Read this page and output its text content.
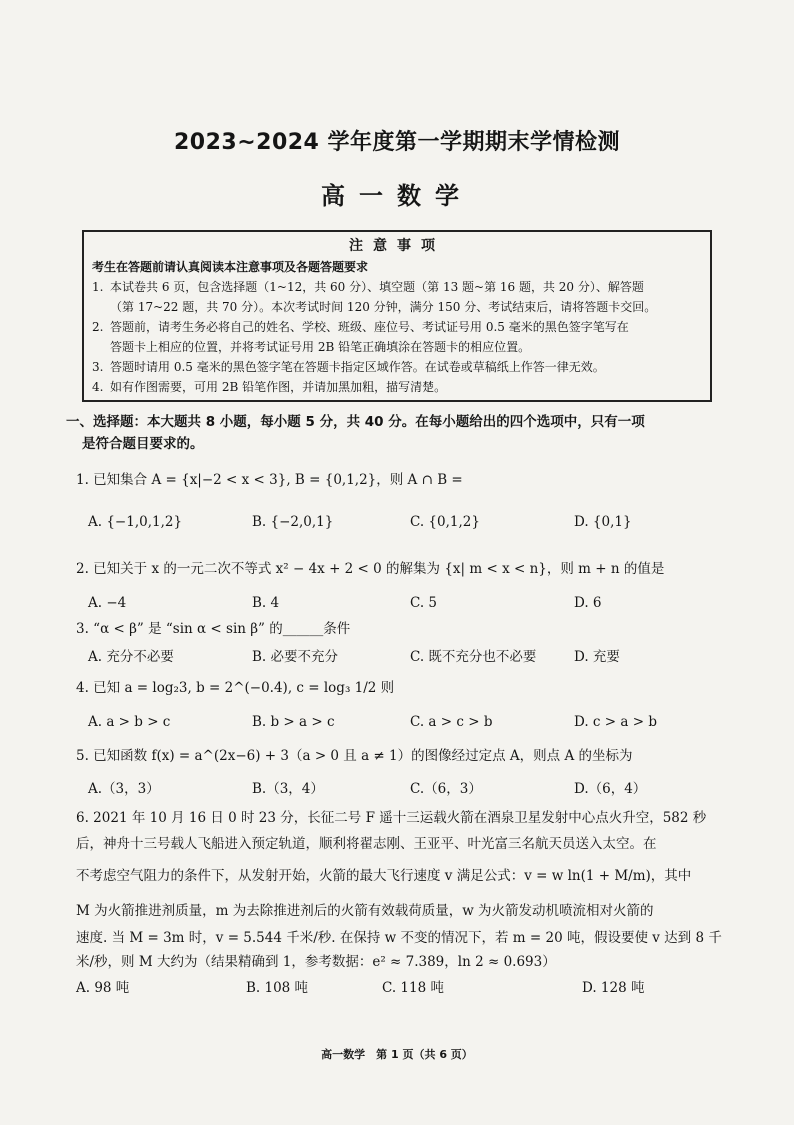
2023~2024 学年度第一学期期末学情检测
高一数学
注意事项
考生在答题前请认真阅读本注意事项及各题答题要求
1. 本试卷共 6 页，包含选择题（1~12，共 60 分）、填空题（第 13 题~第 16 题，共 20 分）、解答题
（第 17~22 题，共 70 分）。本次考试时间 120 分钟，满分 150 分、考试结束后，请将答题卡交回。
2. 答题前，请考生务必将自己的姓名、学校、班级、座位号、考试证号用 0.5 毫米的黑色签字笔写在
答题卡上相应的位置，并将考试证号用 2B 铅笔正确填涂在答题卡的相应位置。
3. 答题时请用 0.5 毫米的黑色签字笔在答题卡指定区域作答。在试卷或草稿纸上作答一律无效。
4. 如有作图需要，可用 2B 铅笔作图，并请加黑加粗，描写清楚。
一、选择题：本大题共 8 小题，每小题 5 分，共 40 分。在每小题给出的四个选项中，只有一项
是符合题目要求的。
1. 已知集合 A = {x|−2 < x < 3}, B = {0,1,2}，则 A ∩ B =
A. {−1,0,1,2}	B. {−2,0,1}	C. {0,1,2}	D. {0,1}
2. 已知关于 x 的一元二次不等式 x² − 4x + 2 < 0 的解集为 {x| m < x < n}，则 m + n 的值是
A. −4	B. 4	C. 5	D. 6
3. “α < β” 是 “sin α < sin β” 的______条件
A. 充分不必要	B. 必要不充分	C. 既不充分也不必要	D. 充要
4. 已知 a = log₂3, b = 2^(−0.4), c = log₃ 1/2 则
A. a > b > c	B. b > a > c	C. a > c > b	D. c > a > b
5. 已知函数 f(x) = a^(2x−6) + 3（a > 0 且 a ≠ 1）的图像经过定点 A，则点 A 的坐标为
A.（3，3）	B.（3，4）	C.（6，3）	D.（6，4）
6. 2021 年 10 月 16 日 0 时 23 分，长征二号 F 遥十三运载火箭在酒泉卫星发射中心点火升空，582 秒
后，神舟十三号载人飞船进入预定轨道，顺利将翟志刚、王亚平、叶光富三名航天员送入太空。在
不考虑空气阻力的条件下，从发射开始，火箭的最大飞行速度 v 满足公式：v = w ln(1 + M/m)，其中
M 为火箭推进剂质量，m 为去除推进剂后的火箭有效载荷质量，w 为火箭发动机喷流相对火箭的
速度. 当 M = 3m 时，v = 5.544 千米/秒. 在保持 w 不变的情况下，若 m = 20 吨，假设要使 v 达到 8 千
米/秒，则 M 大约为（结果精确到 1，参考数据：e² ≈ 7.389，ln 2 ≈ 0.693）
A. 98 吨	B. 108 吨	C. 118 吨	D. 128 吨
高一数学　第 1 页（共 6 页）
